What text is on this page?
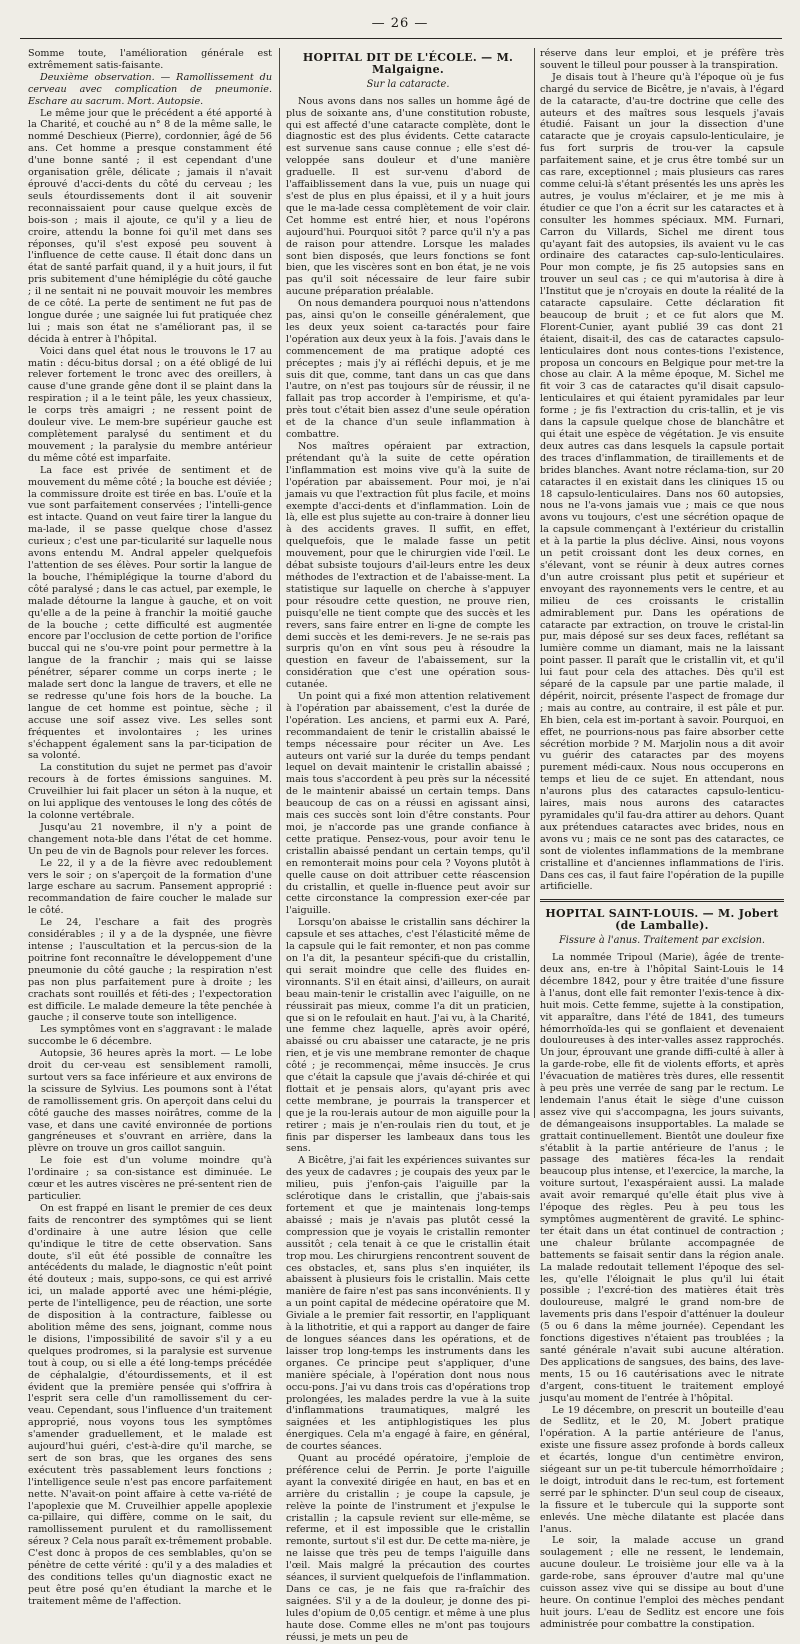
— 26 —

Somme toute, l'amélioration générale est extrêmement satis-faisante.

Deuxième observation. — Ramollissement du cerveau avec complication de pneumonie. Eschare au sacrum. Mort. Autopsie.

Le même jour que le précédent a été apporté à la Charité, et couché au n° 8 de la même salle, le nommé Deschieux (Pierre), cordonnier, âgé de 56 ans. Cet homme a presque constamment été d'une bonne santé ; il est cependant d'une organisation grêle, délicate ; jamais il n'avait éprouvé d'acci-dents du côté du cerveau ; les seuls étourdissements dont il ait souvenir reconnaissaient pour cause quelque excès de bois-son ; mais il ajoute, ce qu'il y a lieu de croire, attendu la bonne foi qu'il met dans ses réponses, qu'il s'est exposé peu souvent à l'influence de cette cause. Il était donc dans un état de santé parfait quand, il y a huit jours, il fut pris subitement d'une hémiplégie du côté gauche ; il ne sentait ni ne pouvait mouvoir les membres de ce côté. La perte de sentiment ne fut pas de longue durée ; une saignée lui fut pratiquée chez lui ; mais son état ne s'améliorant pas, il se décida à entrer à l'hôpital.

Voici dans quel état nous le trouvons le 17 au matin : décu-bitus dorsal ; on a été obligé de lui relever fortement le tronc avec des oreillers, à cause d'une grande gêne dont il se plaint dans la respiration ; il a le teint pâle, les yeux chassieux, le corps très amaigri ; ne ressent point de douleur vive. Le mem-bre supérieur gauche est complètement paralysé du sentiment et du mouvement ; la paralysie du membre antérieur du même côté est imparfaite.

La face est privée de sentiment et de mouvement du même côté ; la bouche est déviée ; la commissure droite est tirée en bas. L'ouïe et la vue sont parfaitement conservées ; l'intelli-gence est intacte. Quand on veut faire tirer la langue du ma-lade, il se passe quelque chose d'assez curieux ; c'est une par-ticularité sur laquelle nous avons entendu M. Andral appeler quelquefois l'attention de ses élèves. Pour sortir la langue de la bouche, l'hémiplégique la tourne d'abord du côté paralysé ; dans le cas actuel, par exemple, le malade détourne la langue à gauche, et on voit qu'elle a de la peine à franchir la moitié gauche de la bouche ; cette difficulté est augmentée encore par l'occlusion de cette portion de l'orifice buccal qui ne s'ou-vre point pour permettre à la langue de la franchir ; mais qui se laisse pénétrer, séparer comme un corps inerte ; le malade sert donc la langue de travers, et elle ne se redresse qu'une fois hors de la bouche. La langue de cet homme est pointue, sèche ; il accuse une soif assez vive. Les selles sont fréquentes et involontaires ; les urines s'échappent également sans la par-ticipation de sa volonté.

La constitution du sujet ne permet pas d'avoir recours à de fortes émissions sanguines. M. Cruveilhier lui fait placer un séton à la nuque, et on lui applique des ventouses le long des côtés de la colonne vertébrale.

Jusqu'au 21 novembre, il n'y a point de changement nota-ble dans l'état de cet homme. Un peu de vin de Bagnols pour relever les forces.

Le 22, il y a de la fièvre avec redoublement vers le soir ; on s'aperçoit de la formation d'une large eschare au sacrum. Pansement approprié : recommandation de faire coucher le malade sur le côté.

Le 24, l'eschare a fait des progrès considérables ; il y a de la dyspnée, une fièvre intense ; l'auscultation et la percus-sion de la poitrine font reconnaître le développement d'une pneumonie du côté gauche ; la respiration n'est pas non plus parfaitement pure à droite ; les crachats sont rouillés et féti-des ; l'expectoration est difficile. Le malade demeure la tête penchée à gauche ; il conserve toute son intelligence.

Les symptômes vont en s'aggravant : le malade succombe le 6 décembre.

Autopsie, 36 heures après la mort. — Le lobe droit du cer-veau est sensiblement ramolli, surtout vers sa face inférieure et aux environs de la scissure de Sylvius. Les poumons sont à l'état de ramollissement gris. On aperçoit dans celui du côté gauche des masses noirâtres, comme de la vase, et dans une cavité environnée de portions gangréneuses et s'ouvrant en arrière, dans la plèvre on trouve un gros caillot sanguin.

Le foie est d'un volume moindre qu'à l'ordinaire ; sa con-sistance est diminuée. Le cœur et les autres viscères ne pré-sentent rien de particulier.

On est frappé en lisant le premier de ces deux faits de rencontrer des symptômes qui se lient d'ordinaire à une autre lésion que celle qu'indique le titre de cette observation. Sans doute, s'il eût été possible de connaître les antécédents du malade, le diagnostic n'eût point été douteux ; mais, suppo-sons, ce qui est arrivé ici, un malade apporté avec une hémi-plégie, perte de l'intelligence, peu de réaction, une sorte de disposition à la contracture, faiblesse ou abolition même des sens, joignant, comme nous le disions, l'impossibilité de savoir s'il y a eu quelques prodromes, si la paralysie est survenue tout à coup, ou si elle a été long-temps précédée de céphalalgie, d'étourdissements, et il est évident que la première pensée qui s'offrira à l'esprit sera celle d'un ramollissement du cer-veau. Cependant, sous l'influence d'un traitement approprié, nous voyons tous les symptômes s'amender graduellement, et le malade est aujourd'hui guéri, c'est-à-dire qu'il marche, se sert de son bras, que les organes des sens exécutent très passablement leurs fonctions ; l'intelligence seule n'est pas encore parfaitement nette. N'avait-on point affaire à cette va-riété de l'apoplexie que M. Cruveilhier appelle apoplexie ca-pillaire, qui diffère, comme on le sait, du ramollissement purulent et du ramollissement séreux ? Cela nous paraît ex-trêmement probable. C'est donc à propos de ces semblables, qu'on se pénètre de cette vérité : qu'il y a des maladies et des conditions telles qu'un diagnostic exact ne peut être posé qu'en étudiant la marche et le traitement même de l'affection.

HOPITAL DIT DE L'ÉCOLE. — M. Malgaigne.
Sur la cataracte.

Nous avons dans nos salles un homme âgé de plus de soixante ans, d'une constitution robuste, qui est affecté d'une cataracte complète, dont le diagnostic est des plus évidents. Cette cataracte est survenue sans cause connue ; elle s'est dé-veloppée sans douleur et d'une manière graduelle. Il est sur-venu d'abord de l'affaiblissement dans la vue, puis un nuage qui s'est de plus en plus épaissi, et il y a huit jours que le ma-lade cessa complètement de voir clair. Cet homme est entré hier, et nous l'opérons aujourd'hui. Pourquoi sitôt ? parce qu'il n'y a pas de raison pour attendre. Lorsque les malades sont bien disposés, que leurs fonctions se font bien, que les viscères sont en bon état, je ne vois pas qu'il soit nécessaire de leur faire subir aucune préparation préalable.

On nous demandera pourquoi nous n'attendons pas, ainsi qu'on le conseille généralement, que les deux yeux soient ca-taractés pour faire l'opération aux deux yeux à la fois. J'avais dans le commencement de ma pratique adopté ces préceptes ; mais j'y ai réfléchi depuis, et je me suis dit que, comme, tant dans un cas que dans l'autre, on n'est pas toujours sûr de réussir, il ne fallait pas trop accorder à l'empirisme, et qu'a-près tout c'était bien assez d'une seule opération et de la chance d'un seule inflammation à combattre.

Nos maîtres opéraient par extraction, prétendant qu'à la suite de cette opération l'inflammation est moins vive qu'à la suite de l'opération par abaissement. Pour moi, je n'ai jamais vu que l'extraction fût plus facile, et moins exempte d'acci-dents et d'inflammation. Loin de là, elle est plus sujette au con-traire à donner lieu à des accidents graves. Il suffit, en effet, quelquefois, que le malade fasse un petit mouvement, pour que le chirurgien vide l'œil. Le débat subsiste toujours d'ail-leurs entre les deux méthodes de l'extraction et de l'abaisse-ment. La statistique sur laquelle on cherche à s'appuyer pour résoudre cette question, ne prouve rien, puisqu'elle ne tient compte que des succès et les revers, sans faire entrer en li-gne de compte les demi succès et les demi-revers. Je ne se-rais pas surpris qu'on en vînt sous peu à résoudre la question en faveur de l'abaissement, sur la considération que c'est une opération sous-cutanée.

Un point qui a fixé mon attention relativement à l'opération par abaissement, c'est la durée de l'opération. Les anciens, et parmi eux A. Paré, recommandaient de tenir le cristallin abaissé le temps nécessaire pour réciter un Ave. Les auteurs ont varié sur la durée du temps pendant lequel on devait maintenir le cristallin abaissé ; mais tous s'accordent à peu près sur la nécessité de le maintenir abaissé un certain temps. Dans beaucoup de cas on a réussi en agissant ainsi, mais ces succès sont loin d'être constants. Pour moi, je n'accorde pas une grande confiance à cette pratique. Pensez-vous, pour avoir tenu le cristallin abaissé pendant un certain temps, qu'il en remonterait moins pour cela ? Voyons plutôt à quelle cause on doit attribuer cette réascension du cristallin, et quelle in-fluence peut avoir sur cette circonstance la compression exer-cée par l'aiguille.

Lorsqu'on abaisse le cristallin sans déchirer la capsule et ses attaches, c'est l'élasticité même de la capsule qui le fait remonter, et non pas comme on l'a dit, la pesanteur spécifi-que du cristallin, qui serait moindre que celle des fluides en-vironnants. S'il en était ainsi, d'ailleurs, on aurait beau main-tenir le cristallin avec l'aiguille, on ne réussirait pas mieux, comme l'a dit un praticien, que si on le refoulait en haut. J'ai vu, à la Charité, une femme chez laquelle, après avoir opéré, abaissé ou cru abaisser une cataracte, je ne pris rien, et je vis une membrane remonter de chaque côté ; je recommençai, même insuccès. Je crus que c'était la capsule que j'avais dé-chirée et qui flottait et je pensais alors, qu'ayant pris avec cette membrane, je pourrais la transpercer et que je la rou-lerais autour de mon aiguille pour la retirer ; mais je n'en-roulais rien du tout, et je finis par disperser les lambeaux dans tous les sens.

A Bicêtre, j'ai fait les expériences suivantes sur des yeux de cadavres ; je coupais des yeux par le milieu, puis j'enfon-çais l'aiguille par la sclérotique dans le cristallin, que j'abais-sais fortement et que je maintenais long-temps abaissé ; mais je n'avais pas plutôt cessé la compression que je voyais le cristallin remonter aussitôt ; cela tenait à ce que le cristallin était trop mou. Les chirurgiens rencontrent souvent de ces obstacles, et, sans plus s'en inquiéter, ils abaissent à plusieurs fois le cristallin. Mais cette manière de faire n'est pas sans inconvénients. Il y a un point capital de médecine opératoire que M. Giviale a le premier fait ressortir, en l'appliquant à la lithotritie, et qui a rapport au danger de faire de longues séances dans les opérations, et de laisser trop long-temps les instruments dans les organes. Ce principe peut s'appliquer, d'une manière spéciale, à l'opération dont nous nous occu-pons. J'ai vu dans trois cas d'opérations trop prolongées, les malades perdre la vue à la suite d'inflammations traumatiques, malgré les saignées et les antiphlogistiques les plus énergiques. Cela m'a engagé à faire, en général, de courtes séances.

Quant au procédé opératoire, j'emploie de préférence celui de Perrin. Je porte l'aiguille ayant la convexité dirigée en haut, en bas et en arrière du cristallin ; je coupe la capsule, je relève la pointe de l'instrument et j'expulse le cristallin ; la capsule revient sur elle-même, se referme, et il est impossible que le cristallin remonte, surtout s'il est dur. De cette ma-nière, je ne laisse que très peu de temps l'aiguille dans l'œil. Mais malgré la précaution des courtes séances, il survient quelquefois de l'inflammation. Dans ce cas, je ne fais que ra-fraîchir des saignées. S'il y a de la douleur, je donne des pi-lules d'opium de 0,05 centigr. et même à une plus haute dose. Comme elles ne m'ont pas toujours réussi, je mets un peu de

réserve dans leur emploi, et je préfère très souvent le tilleul pour pousser à la transpiration.

Je disais tout à l'heure qu'à l'époque où je fus chargé du service de Bicêtre, je n'avais, à l'égard de la cataracte, d'au-tre doctrine que celle des auteurs et des maîtres sous lesquels j'avais étudié. Faisant un jour la dissection d'une cataracte que je croyais capsulo-lenticulaire, je fus fort surpris de trou-ver la capsule parfaitement saine, et je crus être tombé sur un cas rare, exceptionnel ; mais plusieurs cas rares comme celui-là s'étant présentés les uns après les autres, je voulus m'éclairer, et je me mis à étudier ce que l'on a écrit sur les cataractes et à consulter les hommes spéciaux. MM. Furnari, Carron du Villards, Sichel me dirent tous qu'ayant fait des autopsies, ils avaient vu le cas ordinaire des cataractes cap-sulo-lenticulaires. Pour mon compte, je fis 25 autopsies sans en trouver un seul cas ; ce qui m'autorisa à dire à l'Institut que je n'croyais en doute la réalité de la cataracte capsulaire. Cette déclaration fit beaucoup de bruit ; et ce fut alors que M. Florent-Cunier, ayant publié 39 cas dont 21 étaient, disait-il, des cas de cataractes capsulo-lenticulaires dont nous contes-tions l'existence, proposa un concours en Belgique pour met-tre la chose au clair. A la même époque, M. Sichel me fit voir 3 cas de cataractes qu'il disait capsulo-lenticulaires et qui étaient pyramidales par leur forme ; je fis l'extraction du cris-tallin, et je vis dans la capsule quelque chose de blanchâtre et qui était une espèce de végétation. Je vis ensuite deux autres cas dans lesquels la capsule portait des traces d'inflammation, de tiraillements et de brides blanches. Avant notre réclama-tion, sur 20 cataractes il en existait dans les cliniques 15 ou 18 capsulo-lenticulaires. Dans nos 60 autopsies, nous ne l'a-vons jamais vue ; mais ce que nous avons vu toujours, c'est une sécrétion opaque de la capsule commençant à l'extérieur du cristallin et à la partie la plus déclive. Ainsi, nous voyons un petit croissant dont les deux cornes, en s'élevant, vont se réunir à deux autres cornes d'un autre croissant plus petit et supérieur et envoyant des rayonnements vers le centre, et au milieu de ces croissants le cristallin admirablement pur. Dans les opérations de cataracte par extraction, on trouve le cristal-lin pur, mais déposé sur ses deux faces, reflétant sa lumière comme un diamant, mais ne la laissant point passer. Il paraît que le cristallin vit, et qu'il lui faut pour cela des attaches. Dès qu'il est séparé de la capsule par une partie malade, il dépérit, noircit, présente l'aspect de fromage dur ; mais au contre, au contraire, il est pâle et pur. Eh bien, cela est im-portant à savoir. Pourquoi, en effet, ne pourrions-nous pas faire absorber cette sécrétion morbide ? M. Marjolin nous a dit avoir vu guérir des cataractes par des moyens purement médi-caux. Nous nous occuperons en temps et lieu de ce sujet. En attendant, nous n'aurons plus des cataractes capsulo-lenticu-laires, mais nous aurons des cataractes pyramidales qu'il fau-dra attirer au dehors. Quant aux prétendues cataractes avec brides, nous en avons vu ; mais ce ne sont pas des cataractes, ce sont de violentes inflammations de la membrane cristalline et d'anciennes inflammations de l'iris. Dans ces cas, il faut faire l'opération de la pupille artificielle.

HOPITAL SAINT-LOUIS. — M. Jobert (de Lamballe).
Fissure à l'anus. Traitement par excision.

La nommée Tripoul (Marie), âgée de trente-deux ans, en-tre à l'hôpital Saint-Louis le 14 décembre 1842, pour y être traitée d'une fissure à l'anus, dont elle fait remonter l'exis-tence à dix-huit mois. Cette femme, sujette à la constipation, vit apparaître, dans l'été de 1841, des tumeurs hémorrhoïda-les qui se gonflaient et devenaient douloureuses à des inter-valles assez rapprochés. Un jour, éprouvant une grande diffi-culté à aller à la garde-robe, elle fit de violents efforts, et après l'évacuation de matières très dures, elle ressentit à peu près une verrée de sang par le rectum. Le lendemain l'anus était le siège d'une cuisson assez vive qui s'accompagna, les jours suivants, de démangeaisons insupportables. La malade se grattait continuellement. Bientôt une douleur fixe s'établit à la partie antérieure de l'anus ; le passage des matières féca-les la rendait beaucoup plus intense, et l'exercice, la marche, la voiture surtout, l'exaspéraient aussi. La malade avait avoir remarqué qu'elle était plus vive à l'époque des règles. Peu à peu tous les symptômes augmentèrent de gravité. Le sphinc-ter était dans un état continuel de contraction ; une chaleur brûlante accompagnée de battements se faisait sentir dans la région anale. La malade redoutait tellement l'époque des sel-les, qu'elle l'éloignait le plus qu'il lui était possible ; l'excré-tion des matières était très douloureuse, malgré le grand nom-bre de lavements pris dans l'espoir d'atténuer la douleur (5 ou 6 dans la même journée). Cependant les fonctions digestives n'étaient pas troublées ; la santé générale n'avait subi aucune altération. Des applications de sangsues, des bains, des lave-ments, 15 ou 16 cautérisations avec le nitrate d'argent, cons-tituent le traitement employé jusqu'au moment de l'entrée à l'hôpital.

Le 19 décembre, on prescrit un bouteille d'eau de Sedlitz, et le 20, M. Jobert pratique l'opération. A la partie antérieure de l'anus, existe une fissure assez profonde à bords calleux et écartés, longue d'un centimètre environ, siégeant sur un pe-tit tubercule hémorrhoïdaire ; le doigt, introduit dans le rec-tum, est fortement serré par le sphincter. D'un seul coup de ciseaux, la fissure et le tubercule qui la supporte sont enlevés. Une mèche dilatante est placée dans l'anus.

Le soir, la malade accuse un grand soulagement ; elle ne ressent, le lendemain, aucune douleur. Le troisième jour elle va à la garde-robe, sans éprouver d'autre mal qu'une cuisson assez vive qui se dissipe au bout d'une heure. On continue l'emploi des mèches pendant huit jours. L'eau de Sedlitz est encore une fois administrée pour combattre la constipation.
